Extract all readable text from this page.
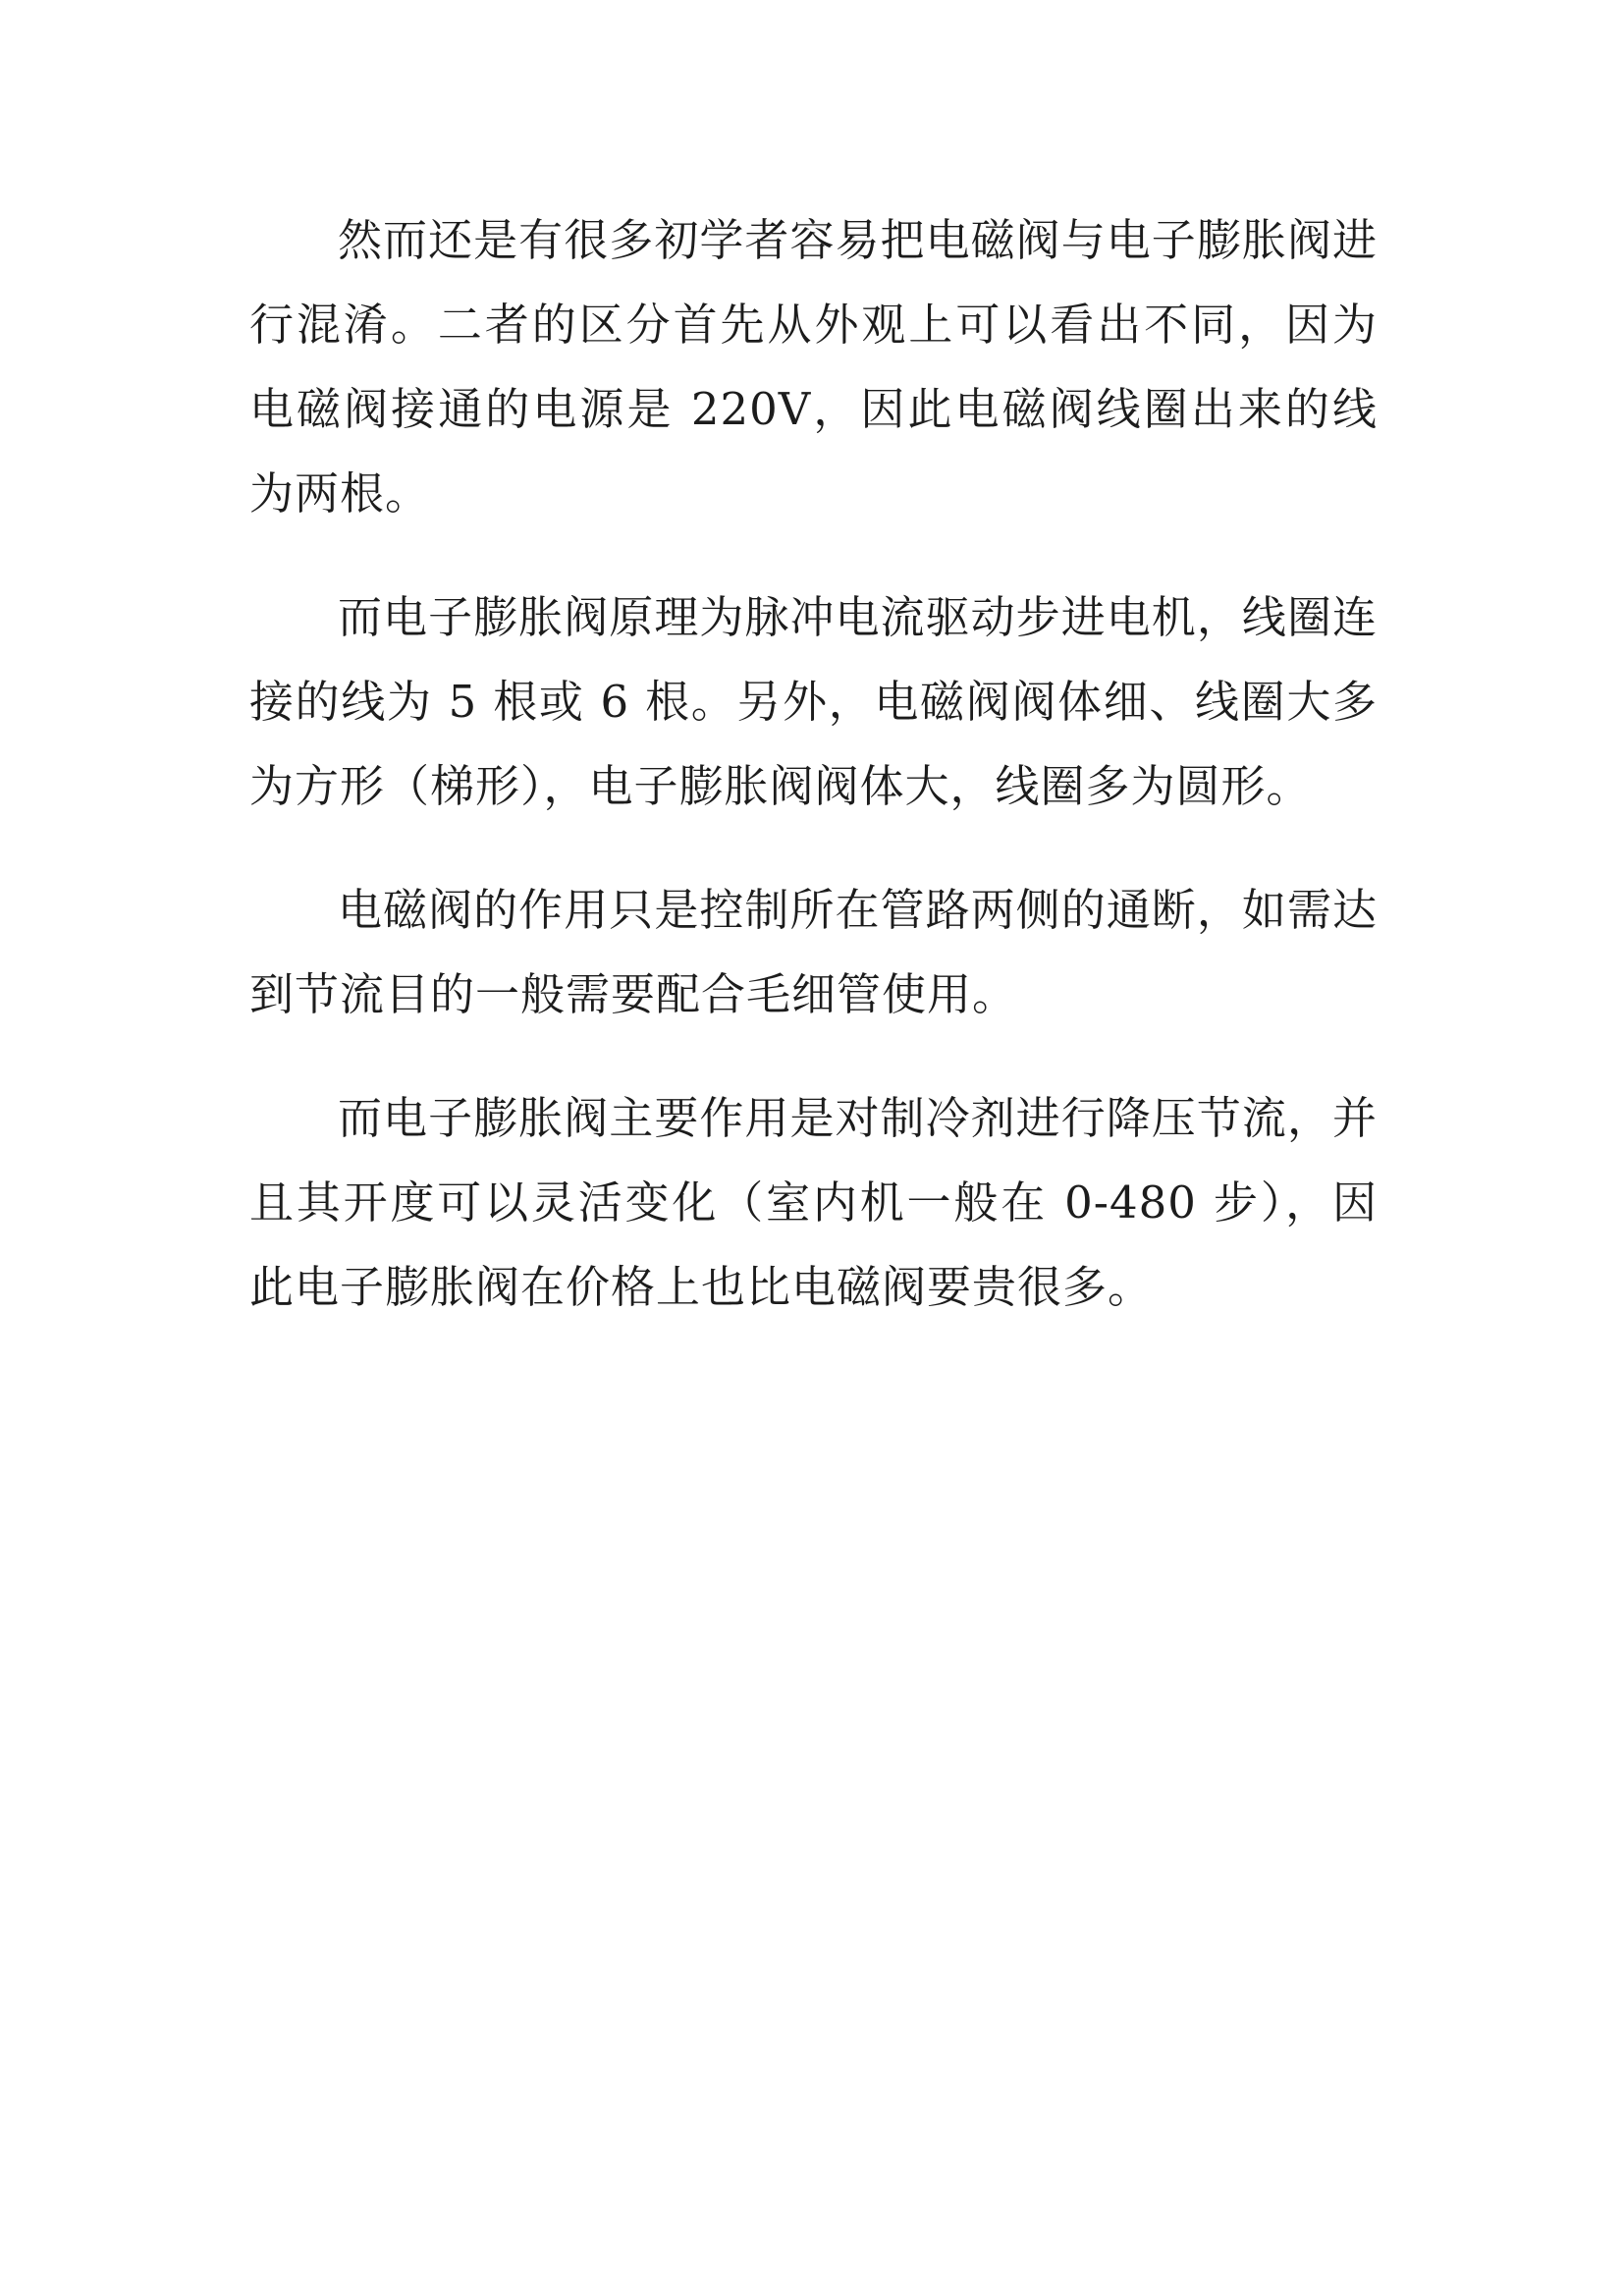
然而还是有很多初学者容易把电磁阀与电子膨胀阀进行混淆。二者的区分首先从外观上可以看出不同，因为电磁阀接通的电源是 220V，因此电磁阀线圈出来的线为两根。

而电子膨胀阀原理为脉冲电流驱动步进电机，线圈连接的线为 5 根或 6 根。另外，电磁阀阀体细、线圈大多为方形（梯形），电子膨胀阀阀体大，线圈多为圆形。

电磁阀的作用只是控制所在管路两侧的通断，如需达到节流目的一般需要配合毛细管使用。

而电子膨胀阀主要作用是对制冷剂进行降压节流，并且其开度可以灵活变化（室内机一般在 0-480 步），因此电子膨胀阀在价格上也比电磁阀要贵很多。
